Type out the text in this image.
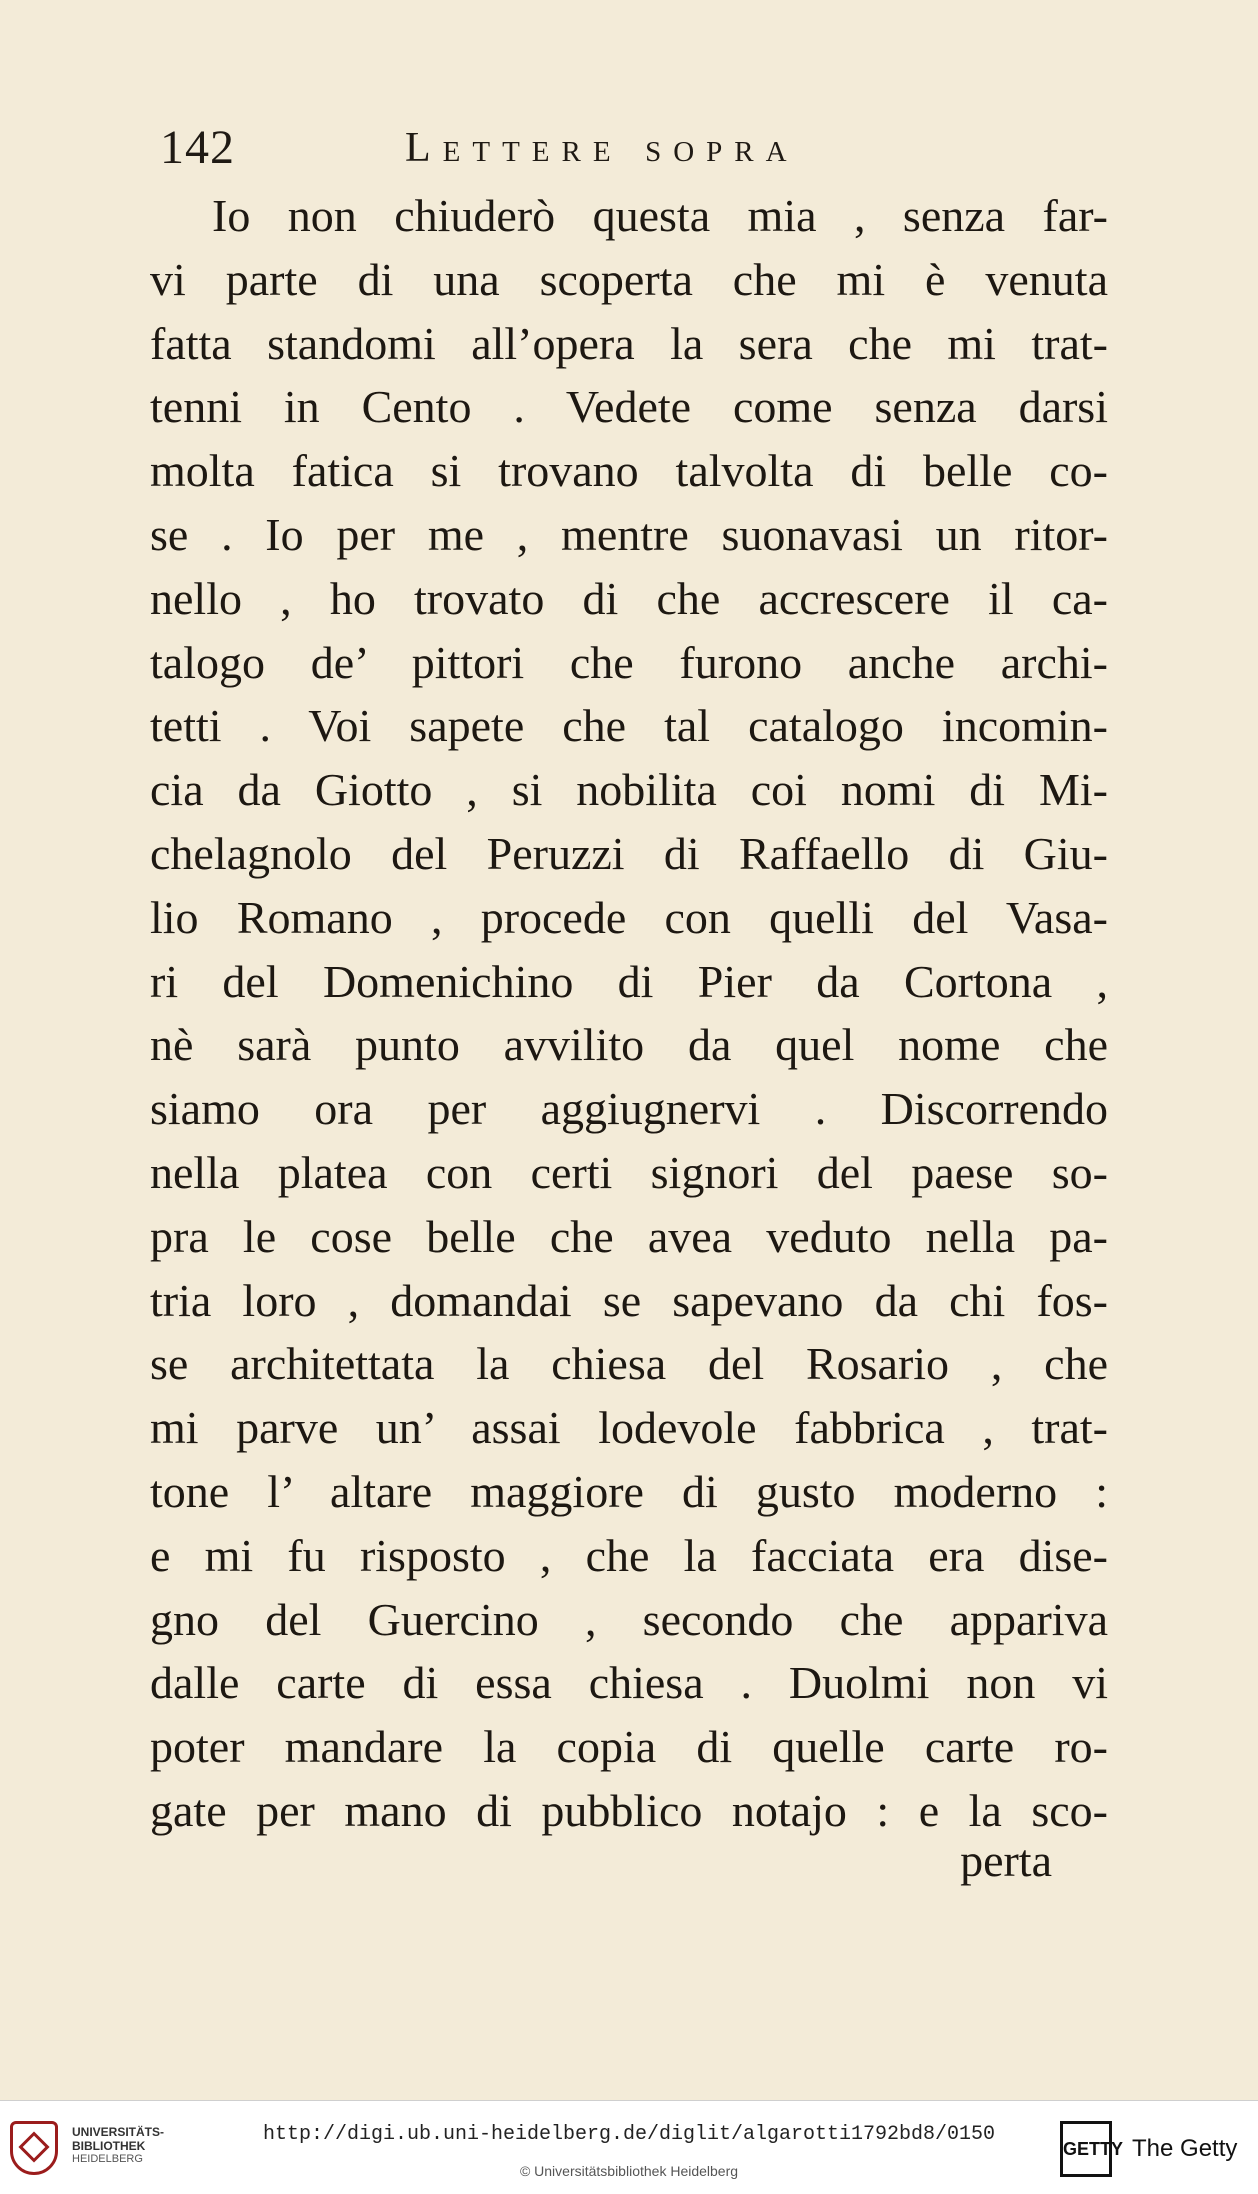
142	Lettere sopra
Io non chiuderò questa mia , senza far-
vi parte di una scoperta che mi è venuta
fatta standomi all’opera la sera che mi trat-
tenni in Cento . Vedete come senza darsi
molta fatica si trovano talvolta di belle co-
se . Io per me , mentre suonavasi un ritor-
nello , ho trovato di che accrescere il ca-
talogo de’ pittori che furono anche archi-
tetti . Voi sapete che tal catalogo incomin-
cia da Giotto , si nobilita coi nomi di Mi-
chelagnolo del Peruzzi di Raffaello di Giu-
lio Romano , procede con quelli del Vasa-
ri del Domenichino di Pier da Cortona ,
nè sarà punto avvilito da quel nome che
siamo ora per aggiugnervi . Discorrendo
nella platea con certi signori del paese so-
pra le cose belle che avea veduto nella pa-
tria loro , domandai se sapevano da chi fos-
se architettata la chiesa del Rosario , che
mi parve un’ assai lodevole fabbrica , trat-
tone l’ altare maggiore di gusto moderno :
e mi fu risposto , che la facciata era dise-
gno del Guercino , secondo che appariva
dalle carte di essa chiesa . Duolmi non vi
poter mandare la copia di quelle carte ro-
gate per mano di pubblico notajo : e la sco-
perta
UNIVERSITÄTS-
BIBLIOTHEK
HEIDELBERG
http://digi.ub.uni-heidelberg.de/diglit/algarotti1792bd8/0150
© Universitätsbibliothek Heidelberg
GETTY The Getty
